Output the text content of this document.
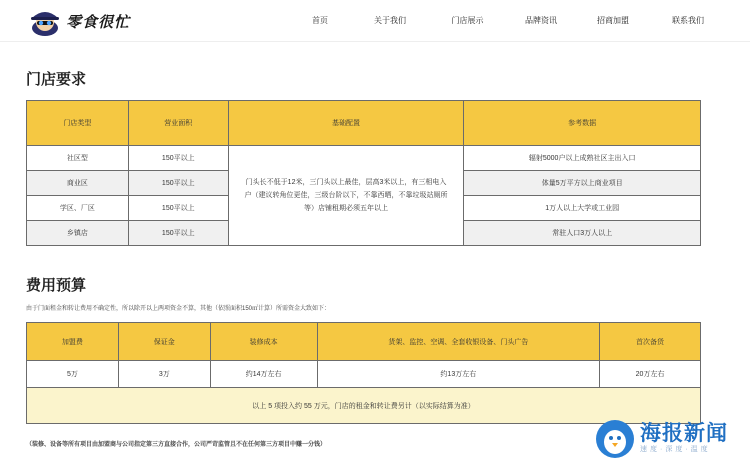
零食很忙	首页	关于我们	门店展示	品牌资讯	招商加盟	联系我们
门店要求
门店类型	营业面积	基础配置	参考数据
社区型	150平以上	门头长不低于12米，三门头以上最佳，层高3米以上，有三相电入户（建议转角位更佳，三级台阶以下，不靠西晒，不靠垃圾站厕所等）店铺租期必须五年以上	辐射5000户以上成熟社区主出入口
商业区	150平以上		体量5万平方以上商业项目
学区、厂区	150平以上		1万人以上大学或工业园
乡镇店	150平以上		常驻人口3万人以上
费用预算
由于门面租金和转让费用不确定性，所以除开以上两项资金不算，其他（依照面积150㎡计算）所需资金大致如下：
加盟费	保证金	装修成本	货架、监控、空调、全套收银设备、门头广告	首次备货
5万	3万	约14万左右	约13万左右	20万左右
以上 5 项投入约 55 万元，门店的租金和转让费另计（以实际结算为准）				
（装修、设备等所有项目由加盟商与公司指定第三方直接合作，公司严苛监管且不在任何第三方项目中赚一分钱）	海报新闻
速度·深度·温度
